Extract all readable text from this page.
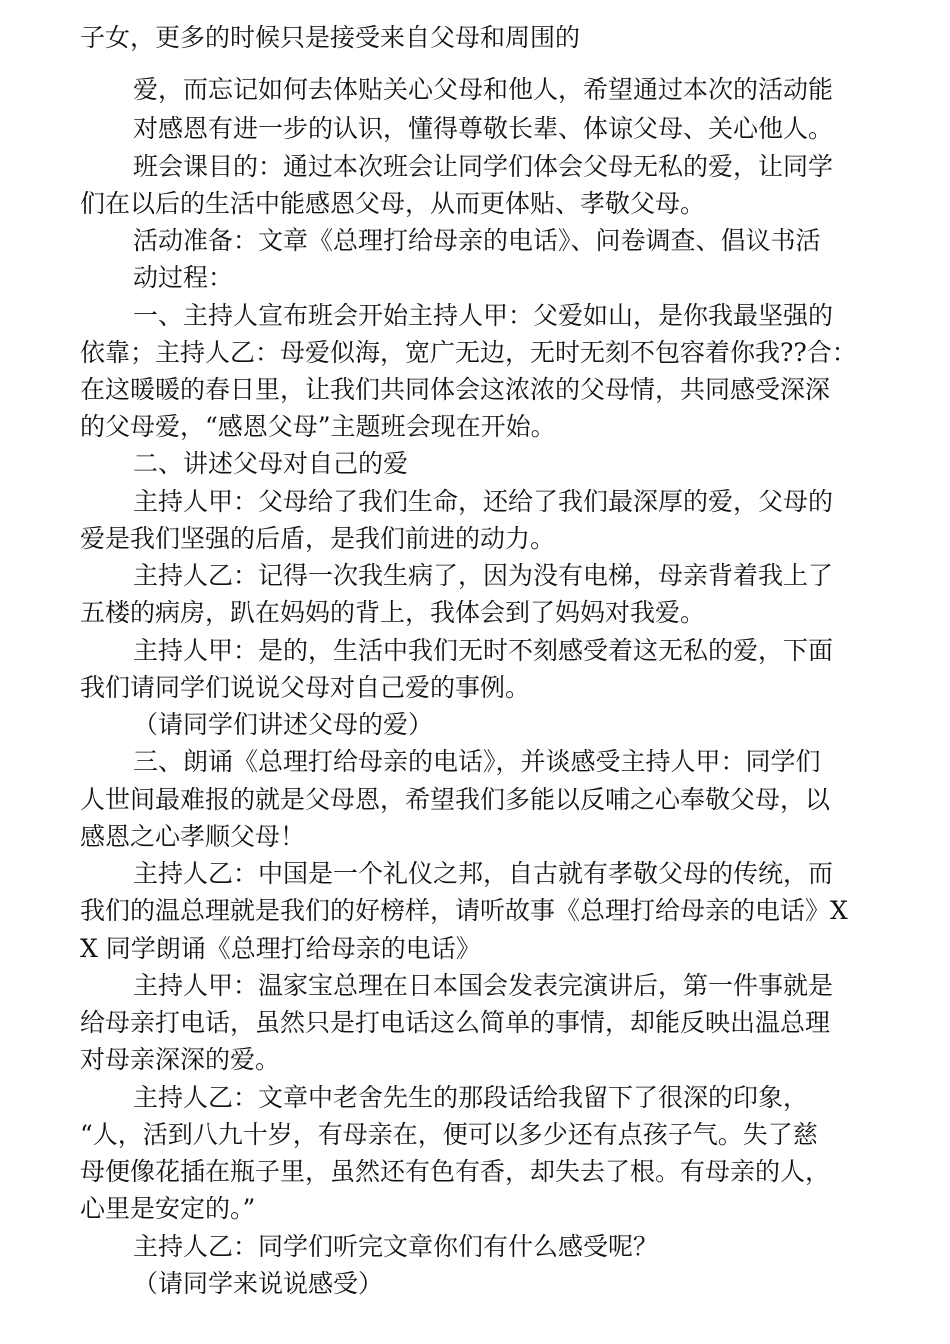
子女，更多的时候只是接受来自父母和周围的
爱，而忘记如何去体贴关心父母和他人，希望通过本次的活动能
对感恩有进一步的认识，懂得尊敬长辈、体谅父母、关心他人。
班会课目的：通过本次班会让同学们体会父母无私的爱，让同学
们在以后的生活中能感恩父母，从而更体贴、孝敬父母。
活动准备：文章《总理打给母亲的电话》、问卷调查、倡议书活
动过程：
一、主持人宣布班会开始主持人甲：父爱如山，是你我最坚强的
依靠；主持人乙：母爱似海，宽广无边，无时无刻不包容着你我??合：
在这暖暖的春日里，让我们共同体会这浓浓的父母情，共同感受深深
的父母爱，“感恩父母”主题班会现在开始。
二、讲述父母对自己的爱
主持人甲：父母给了我们生命，还给了我们最深厚的爱，父母的
爱是我们坚强的后盾，是我们前进的动力。
主持人乙：记得一次我生病了，因为没有电梯，母亲背着我上了
五楼的病房，趴在妈妈的背上，我体会到了妈妈对我爱。
主持人甲：是的，生活中我们无时不刻感受着这无私的爱，下面
我们请同学们说说父母对自己爱的事例。
（请同学们讲述父母的爱）
三、朗诵《总理打给母亲的电话》，并谈感受主持人甲：同学们
人世间最难报的就是父母恩，希望我们多能以反哺之心奉敬父母，以
感恩之心孝顺父母！
主持人乙：中国是一个礼仪之邦，自古就有孝敬父母的传统，而
我们的温总理就是我们的好榜样，请听故事《总理打给母亲的电话》X
X 同学朗诵《总理打给母亲的电话》
主持人甲：温家宝总理在日本国会发表完演讲后，第一件事就是
给母亲打电话，虽然只是打电话这么简单的事情，却能反映出温总理
对母亲深深的爱。
主持人乙：文章中老舍先生的那段话给我留下了很深的印象，
“人，活到八九十岁，有母亲在，便可以多少还有点孩子气。失了慈
母便像花插在瓶子里，虽然还有色有香，却失去了根。有母亲的人，
心里是安定的。”
主持人乙：同学们听完文章你们有什么感受呢？
（请同学来说说感受）
